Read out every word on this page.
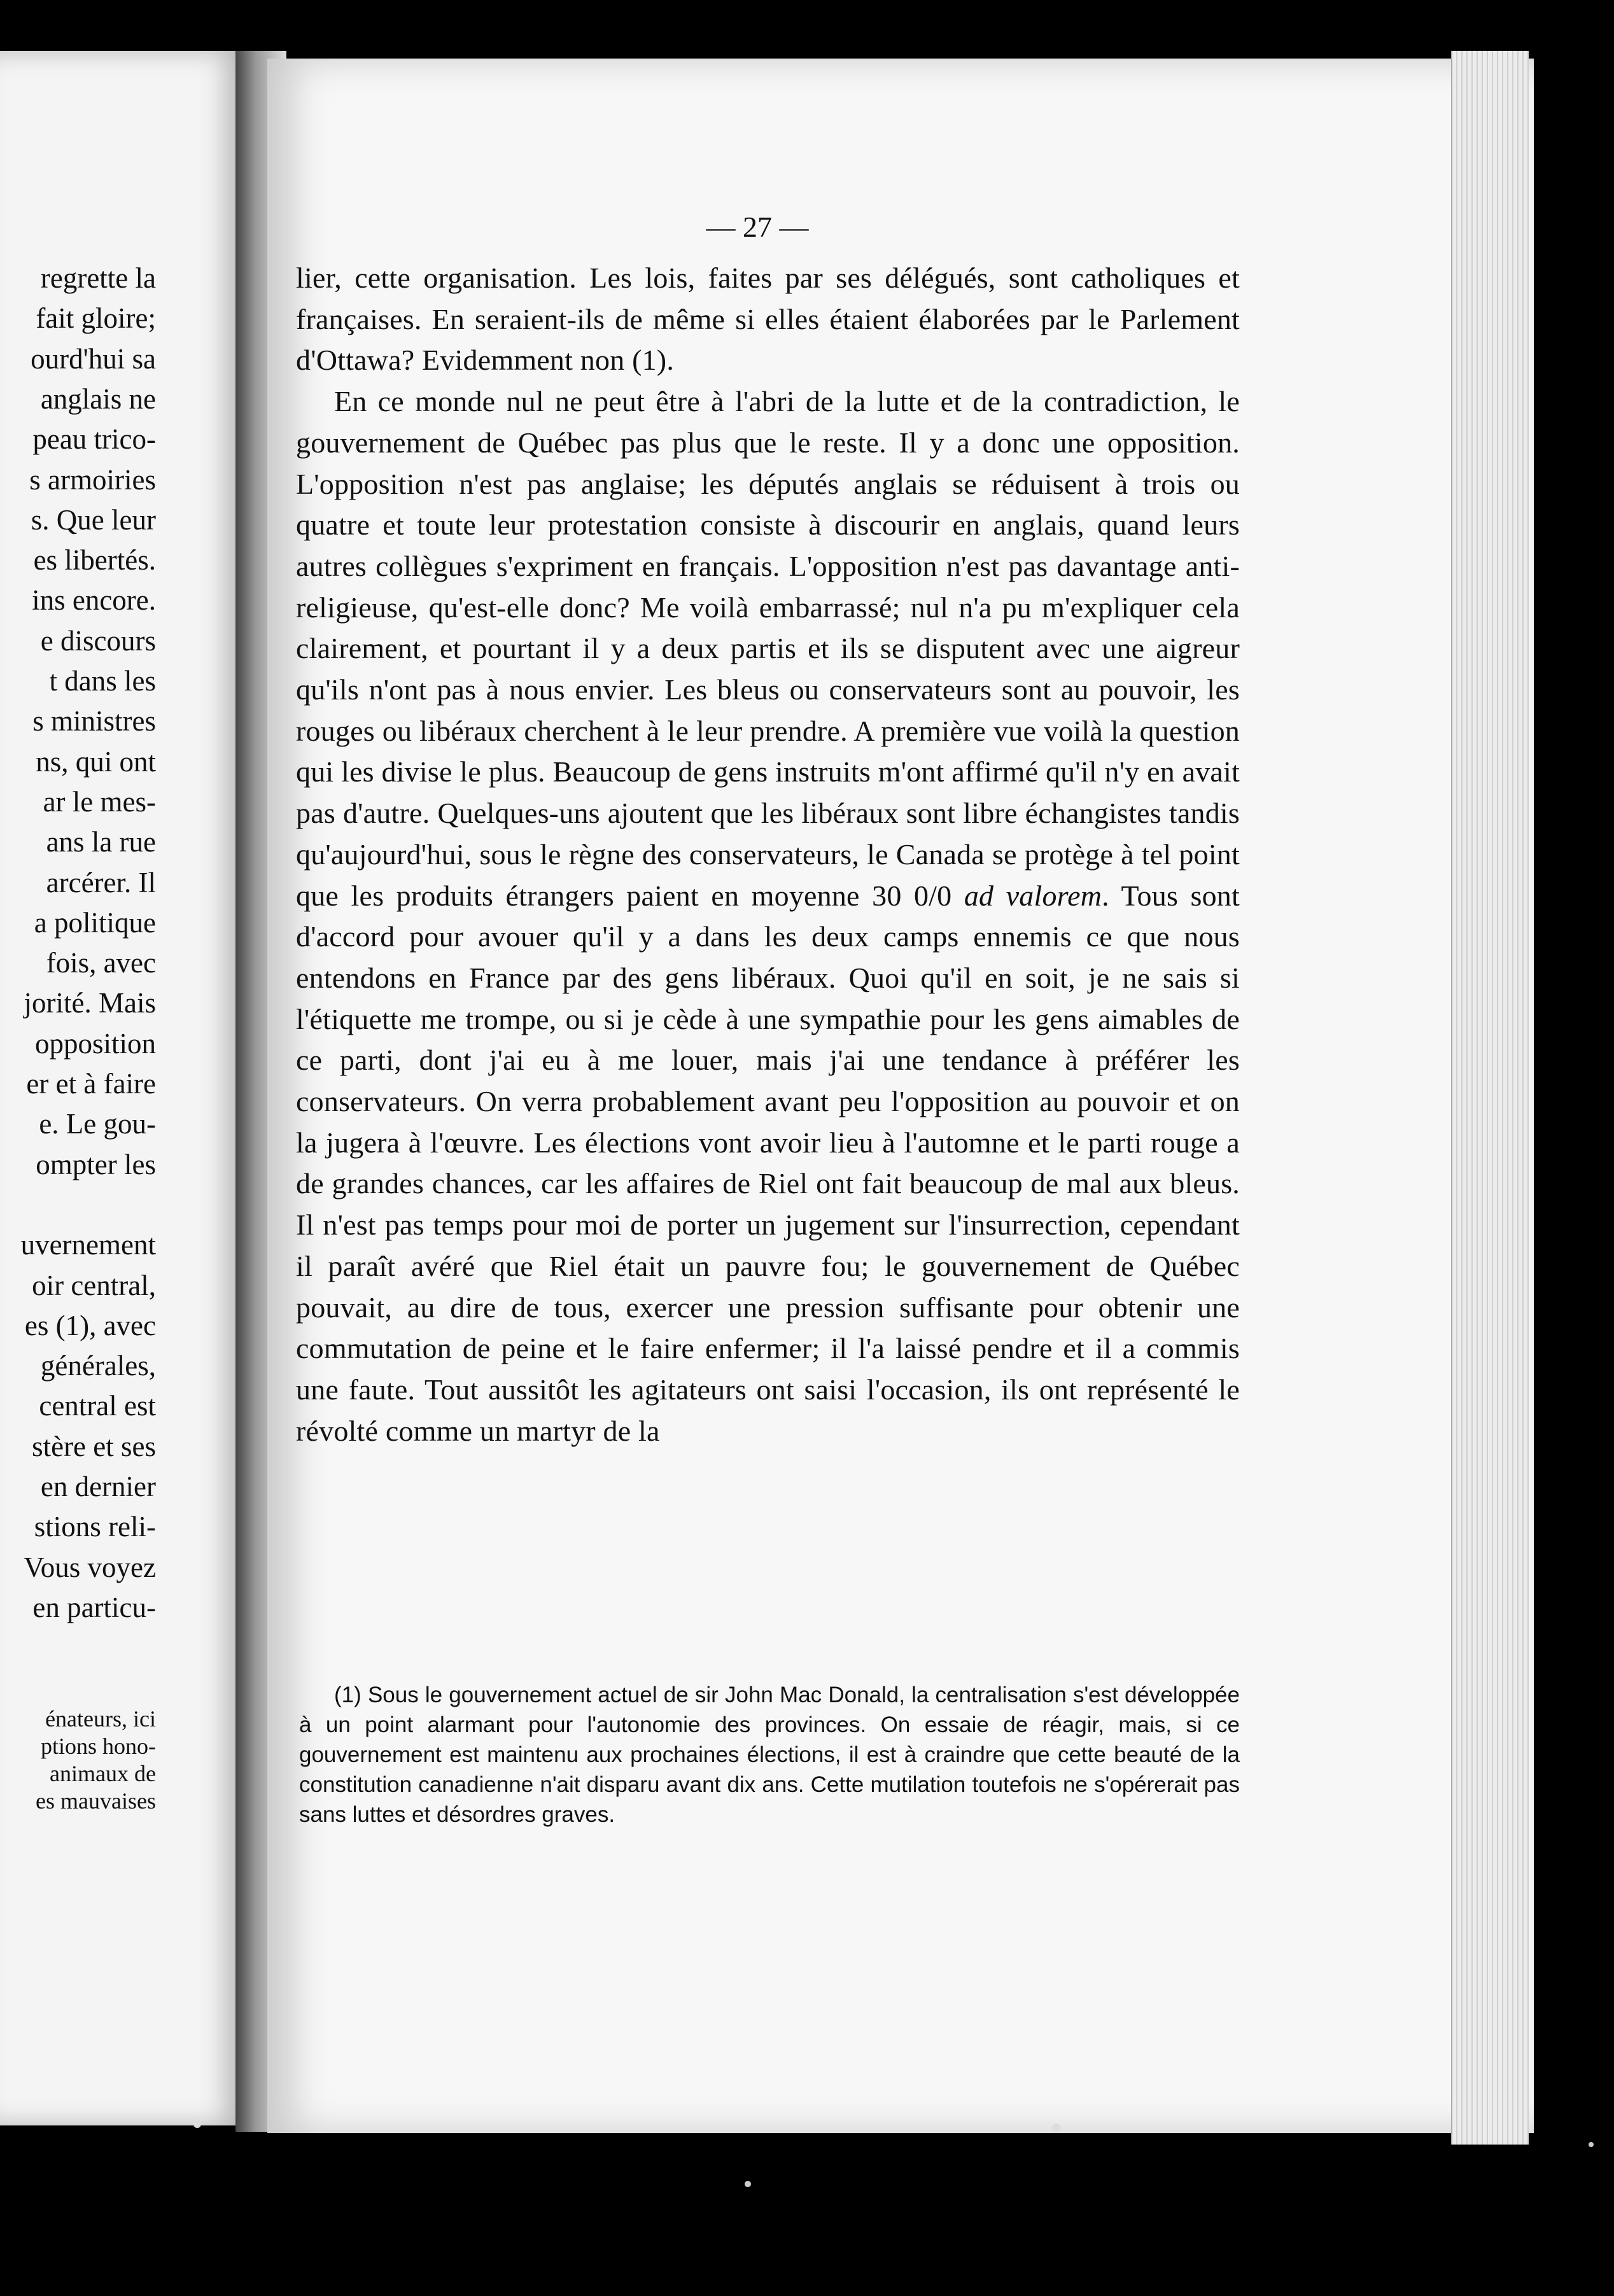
regrette la
fait gloire;
ourd'hui sa
anglais ne
peau trico-
s armoiries
s. Que leur
es libertés.
ins encore.
e discours
t dans les
s ministres
ns, qui ont
ar le mes-
ans la rue
arcérer. Il
a politique
fois, avec
jorité. Mais
opposition
er et à faire
e. Le gou-
ompter les
uvernement
oir central,
es (1), avec
générales,
central est
stère et ses
en dernier
stions reli-
Vous voyez
en particu-
énateurs, ici
ptions hono-
animaux de
es mauvaises
— 27 —

lier, cette organisation. Les lois, faites par ses délégués, sont catholiques et françaises. En seraient-ils de même si elles étaient élaborées par le Parlement d'Ottawa? Evidemment non (1).

En ce monde nul ne peut être à l'abri de la lutte et de la contradiction, le gouvernement de Québec pas plus que le reste. Il y a donc une opposition. L'opposition n'est pas anglaise; les députés anglais se réduisent à trois ou quatre et toute leur protestation consiste à discourir en anglais, quand leurs autres collègues s'expriment en français. L'opposition n'est pas davantage anti-religieuse, qu'est-elle donc? Me voilà embarrassé; nul n'a pu m'expliquer cela clairement, et pourtant il y a deux partis et ils se disputent avec une aigreur qu'ils n'ont pas à nous envier. Les bleus ou conservateurs sont au pouvoir, les rouges ou libéraux cherchent à le leur prendre. A première vue voilà la question qui les divise le plus. Beaucoup de gens instruits m'ont affirmé qu'il n'y en avait pas d'autre. Quelques-uns ajoutent que les libéraux sont libre échangistes tandis qu'aujourd'hui, sous le règne des conservateurs, le Canada se protège à tel point que les produits étrangers paient en moyenne 30 0/0 ad valorem. Tous sont d'accord pour avouer qu'il y a dans les deux camps ennemis ce que nous entendons en France par des gens libéraux. Quoi qu'il en soit, je ne sais si l'étiquette me trompe, ou si je cède à une sympathie pour les gens aimables de ce parti, dont j'ai eu à me louer, mais j'ai une tendance à préférer les conservateurs. On verra probablement avant peu l'opposition au pouvoir et on la jugera à l'œuvre. Les élections vont avoir lieu à l'automne et le parti rouge a de grandes chances, car les affaires de Riel ont fait beaucoup de mal aux bleus. Il n'est pas temps pour moi de porter un jugement sur l'insurrection, cependant il paraît avéré que Riel était un pauvre fou; le gouvernement de Québec pouvait, au dire de tous, exercer une pression suffisante pour obtenir une commutation de peine et le faire enfermer; il l'a laissé pendre et il a commis une faute. Tout aussitôt les agitateurs ont saisi l'occasion, ils ont représenté le révolté comme un martyr de la

(1) Sous le gouvernement actuel de sir John Mac Donald, la centralisation s'est développée à un point alarmant pour l'autonomie des provinces. On essaie de réagir, mais, si ce gouvernement est maintenu aux prochaines élections, il est à craindre que cette beauté de la constitution canadienne n'ait disparu avant dix ans. Cette mutilation toutefois ne s'opérerait pas sans luttes et désordres graves.
